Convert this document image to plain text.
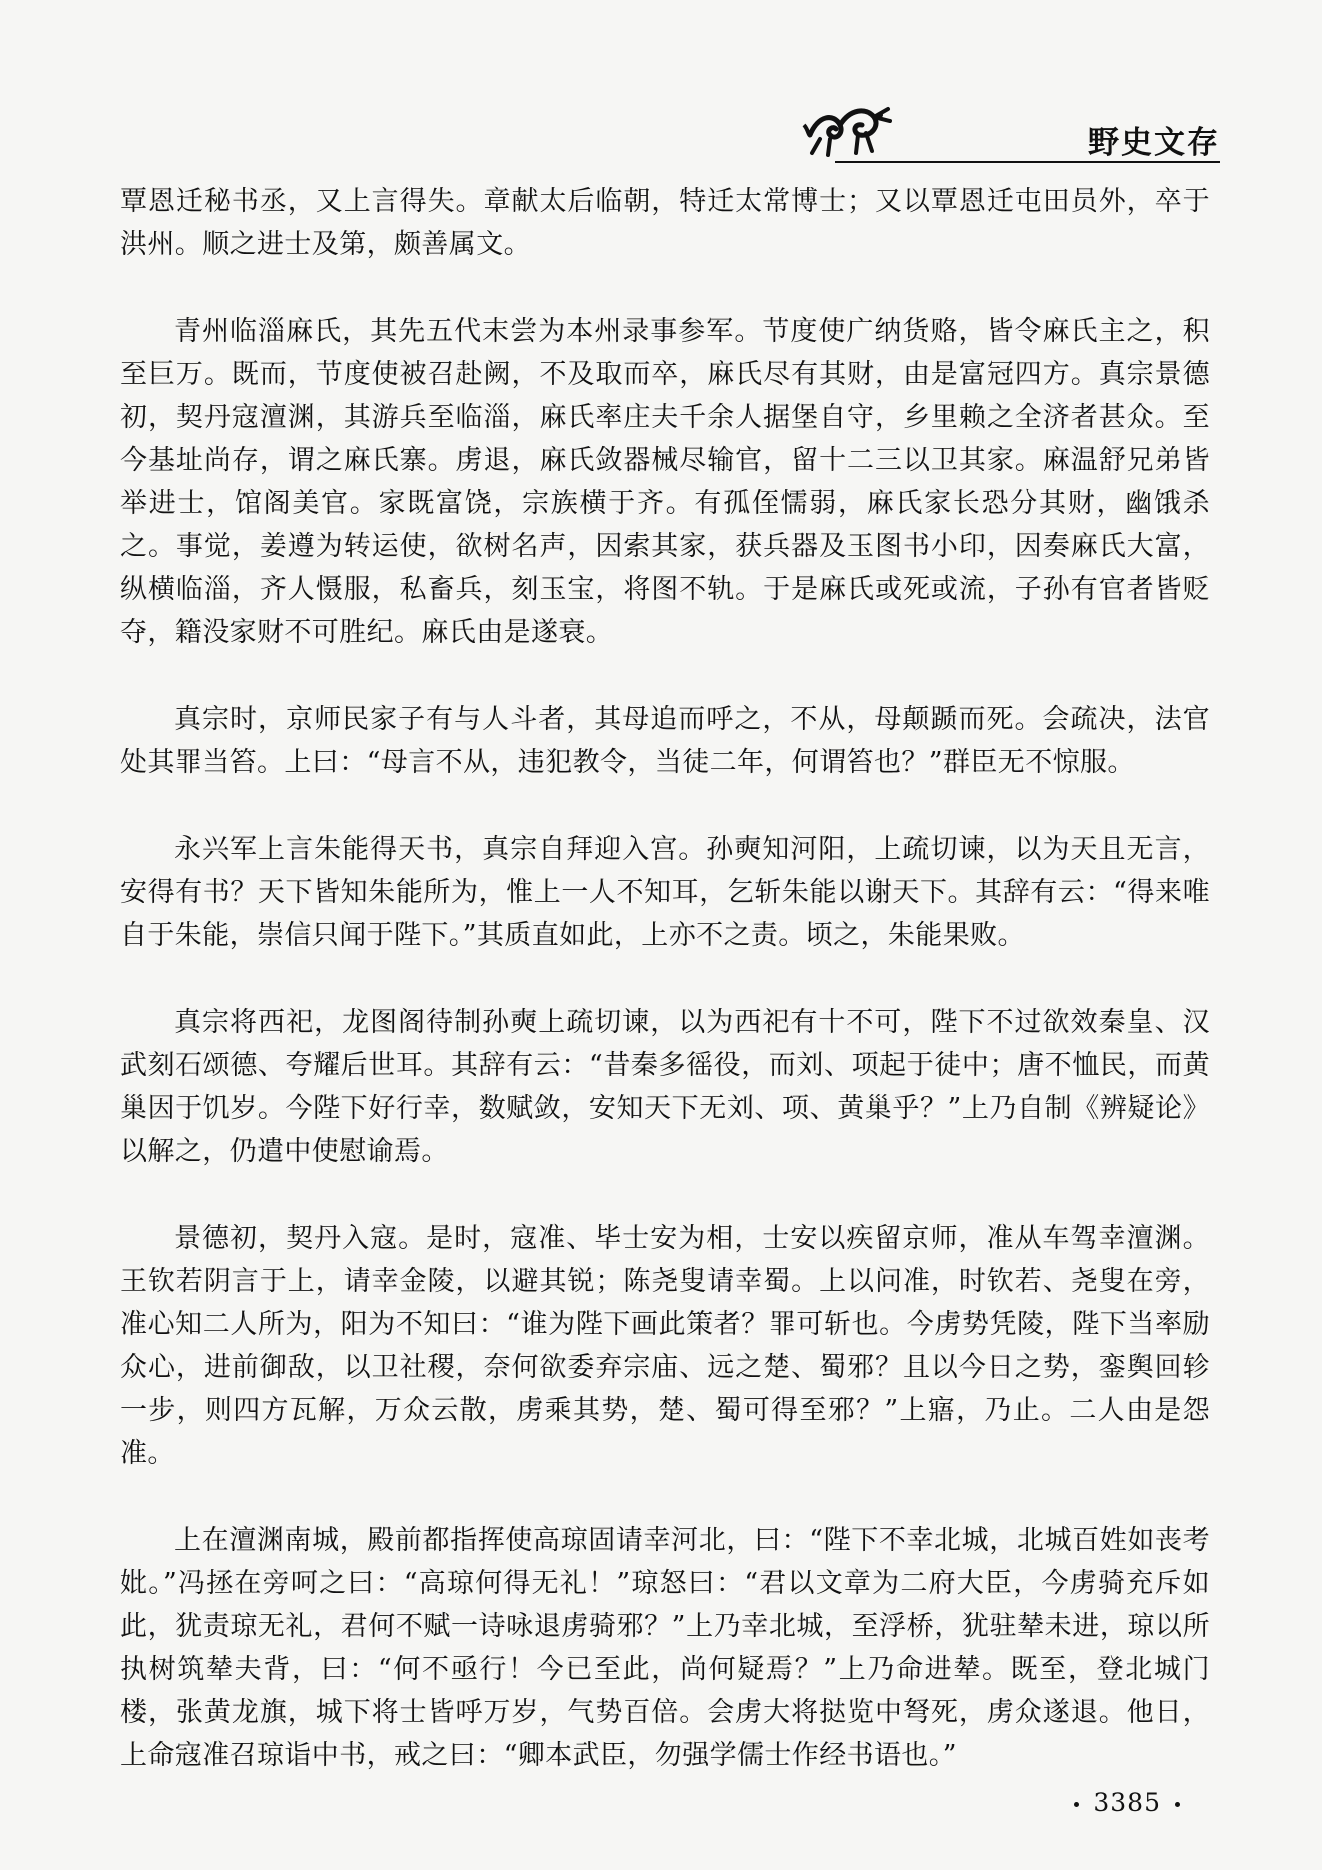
野史文存

覃恩迁秘书丞，又上言得失。章献太后临朝，特迁太常博士；又以覃恩迁屯田员外，卒于洪州。顺之进士及第，颇善属文。

青州临淄麻氏，其先五代末尝为本州录事参军。节度使广纳货赂，皆令麻氏主之，积至巨万。既而，节度使被召赴阙，不及取而卒，麻氏尽有其财，由是富冠四方。真宗景德初，契丹寇澶渊，其游兵至临淄，麻氏率庄夫千余人据堡自守，乡里赖之全济者甚众。至今基址尚存，谓之麻氏寨。虏退，麻氏敛器械尽输官，留十二三以卫其家。麻温舒兄弟皆举进士，馆阁美官。家既富饶，宗族横于齐。有孤侄懦弱，麻氏家长恐分其财，幽饿杀之。事觉，姜遵为转运使，欲树名声，因索其家，获兵器及玉图书小印，因奏麻氏大富，纵横临淄，齐人慑服，私畜兵，刻玉宝，将图不轨。于是麻氏或死或流，子孙有官者皆贬夺，籍没家财不可胜纪。麻氏由是遂衰。

真宗时，京师民家子有与人斗者，其母追而呼之，不从，母颠踬而死。会疏决，法官处其罪当笞。上曰：“母言不从，违犯教令，当徒二年，何谓笞也？”群臣无不惊服。

永兴军上言朱能得天书，真宗自拜迎入宫。孙奭知河阳，上疏切谏，以为天且无言，安得有书？天下皆知朱能所为，惟上一人不知耳，乞斩朱能以谢天下。其辞有云：“得来唯自于朱能，崇信只闻于陛下。”其质直如此，上亦不之责。顷之，朱能果败。

真宗将西祀，龙图阁待制孙奭上疏切谏，以为西祀有十不可，陛下不过欲效秦皇、汉武刻石颂德、夸耀后世耳。其辞有云：“昔秦多徭役，而刘、项起于徒中；唐不恤民，而黄巢因于饥岁。今陛下好行幸，数赋敛，安知天下无刘、项、黄巢乎？”上乃自制《辨疑论》以解之，仍遣中使慰谕焉。

景德初，契丹入寇。是时，寇准、毕士安为相，士安以疾留京师，准从车驾幸澶渊。王钦若阴言于上，请幸金陵，以避其锐；陈尧叟请幸蜀。上以问准，时钦若、尧叟在旁，准心知二人所为，阳为不知曰：“谁为陛下画此策者？罪可斩也。今虏势凭陵，陛下当率励众心，进前御敌，以卫社稷，奈何欲委弃宗庙、远之楚、蜀邪？且以今日之势，銮舆回轸一步，则四方瓦解，万众云散，虏乘其势，楚、蜀可得至邪？”上寤，乃止。二人由是怨准。

上在澶渊南城，殿前都指挥使高琼固请幸河北，曰：“陛下不幸北城，北城百姓如丧考妣。”冯拯在旁呵之曰：“高琼何得无礼！”琼怒曰：“君以文章为二府大臣，今虏骑充斥如此，犹责琼无礼，君何不赋一诗咏退虏骑邪？”上乃幸北城，至浮桥，犹驻辇未进，琼以所执树筑辇夫背，曰：“何不亟行！今已至此，尚何疑焉？”上乃命进辇。既至，登北城门楼，张黄龙旗，城下将士皆呼万岁，气势百倍。会虏大将挞览中弩死，虏众遂退。他日，上命寇准召琼诣中书，戒之曰：“卿本武臣，勿强学儒士作经书语也。”

3385
